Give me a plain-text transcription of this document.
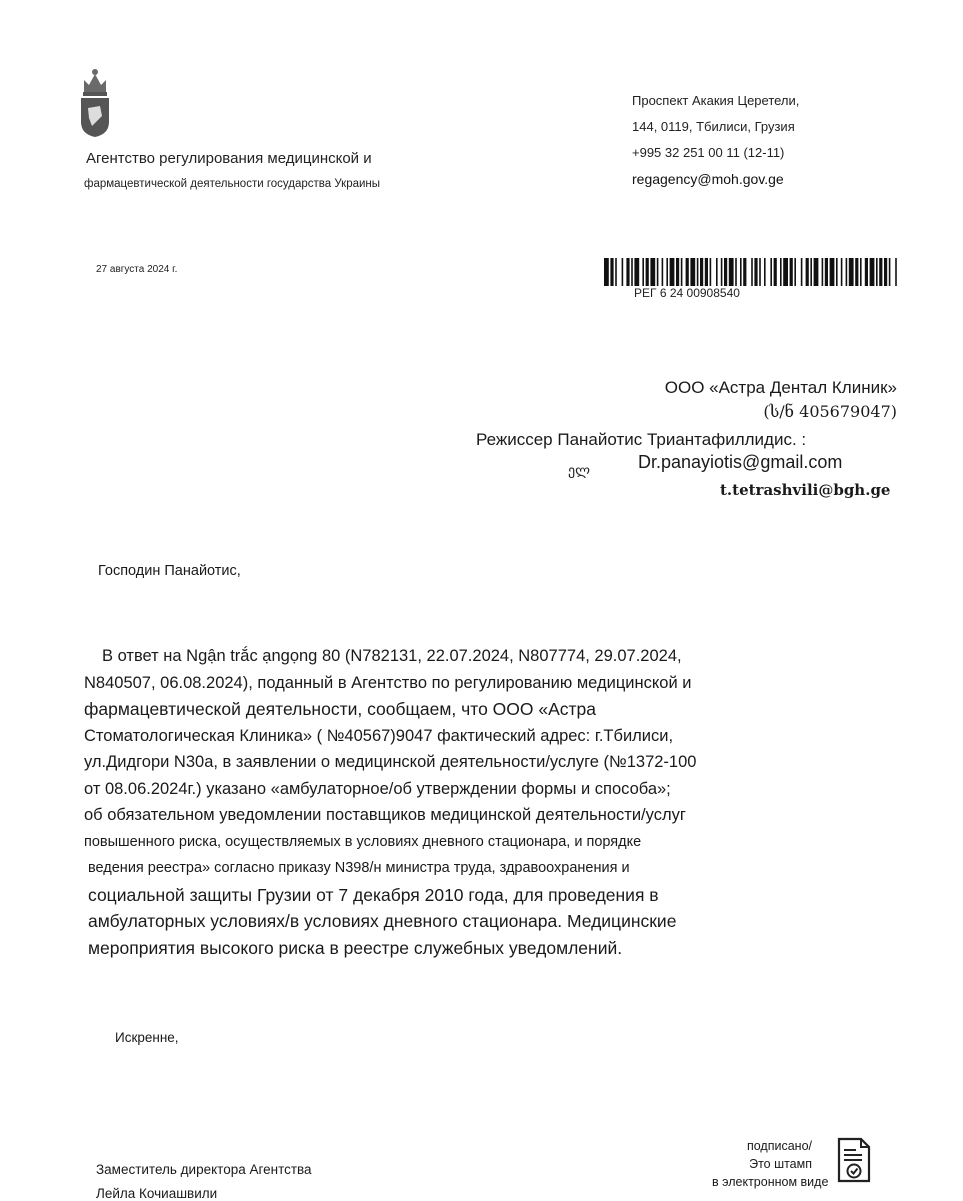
Агентство регулирования медицинской и
фармацевтической деятельности государства Украины
Проспект Акакия Церетели,
144, 0119, Тбилиси, Грузия
+995 32 251 00 11 (12-11)
regagency@moh.gov.ge
27 августа 2024 г.
РЕГ 6 24 00908540
ООО «Астра Дентал Клиник»
(ს/ნ 405679047)
Режиссер Панайотис Триантафиллидис. :
ელ	Dr.panayiotis@gmail.com
t.tetrashvili@bgh.ge
Господин Панайотис,
В ответ на Ngận trắc ạngọng 80 (N782131, 22.07.2024, N807774, 29.07.2024,
N840507, 06.08.2024), поданный в Агентство по регулированию медицинской и
фармацевтической деятельности, сообщаем, что ООО «Астра
Стоматологическая Клиника» ( №40567)9047 фактический адрес: г.Тбилиси,
ул.Дидгори N30а, в заявлении о медицинской деятельности/услуге (№1372-100
от 08.06.2024г.) указано «амбулаторное/об утверждении формы и способа»;
об обязательном уведомлении поставщиков медицинской деятельности/услуг
повышенного риска, осуществляемых в условиях дневного стационара, и порядке
ведения реестра» согласно приказу N398/н министра труда, здравоохранения и
социальной защиты Грузии от 7 декабря 2010 года, для проведения в
амбулаторных условиях/в условиях дневного стационара. Медицинские
мероприятия высокого риска в реестре служебных уведомлений.
Искренне,
подписано/
Это штамп
в электронном виде
Заместитель директора Агентства
Лейла Кочиашвили
